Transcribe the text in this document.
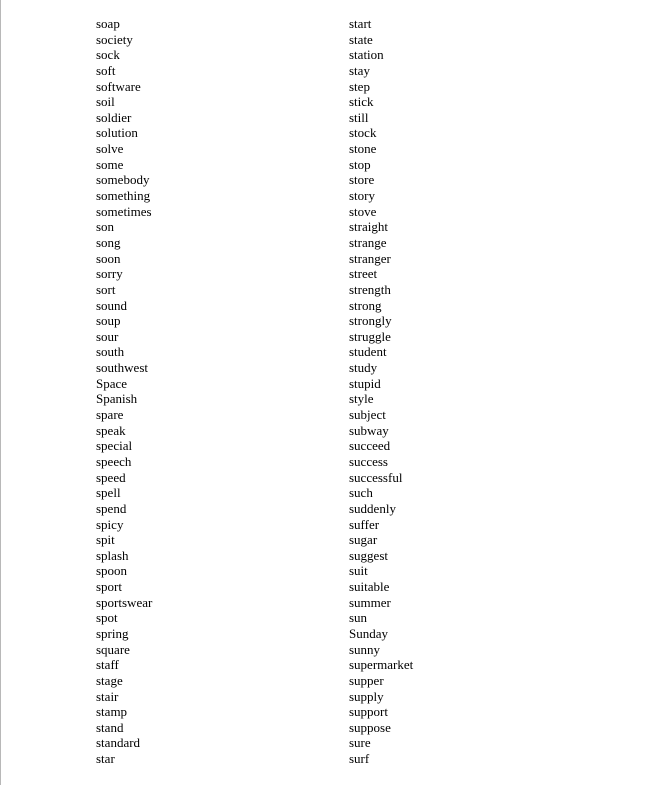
soap
society
sock
soft
software
soil
soldier
solution
solve
some
somebody
something
sometimes
son
song
soon
sorry
sort
sound
soup
sour
south
southwest
Space
Spanish
spare
speak
special
speech
speed
spell
spend
spicy
spit
splash
spoon
sport
sportswear
spot
spring
square
staff
stage
stair
stamp
stand
standard
star
start
state
station
stay
step
stick
still
stock
stone
stop
store
story
stove
straight
strange
stranger
street
strength
strong
strongly
struggle
student
study
stupid
style
subject
subway
succeed
success
successful
such
suddenly
suffer
sugar
suggest
suit
suitable
summer
sun
Sunday
sunny
supermarket
supper
supply
support
suppose
sure
surf
